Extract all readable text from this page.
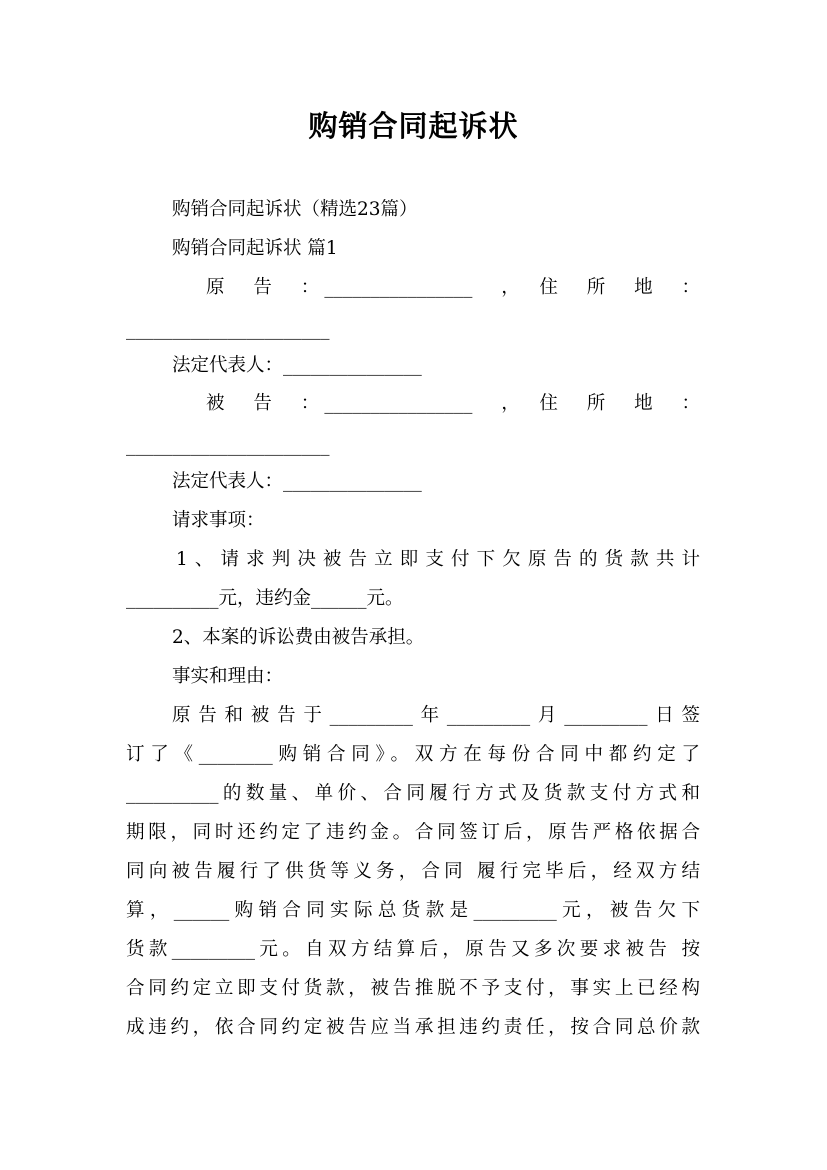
购销合同起诉状
购销合同起诉状（精选23篇）
购销合同起诉状 篇1
原　告　：________________　，　住　所　地　：
______________________
法定代表人：_______________
被　告　：________________　，　住　所　地　：
______________________
法定代表人：_______________
请求事项：
1、请求判决被告立即支付下欠原告的货款共计
__________元，违约金______元。
2、本案的诉讼费由被告承担。
事实和理由：
原告和被告于_________年_________月_________日签
订了《________购销合同》。双方在每份合同中都约定了
__________的数量、单价、合同履行方式及货款支付方式和
期限，同时还约定了违约金。合同签订后，原告严格依据合
同向被告履行了供货等义务，合同 履行完毕后，经双方结
算，______购销合同实际总货款是_________元，被告欠下
货款_________元。自双方结算后，原告又多次要求被告 按
合同约定立即支付货款，被告推脱不予支付，事实上已经构
成违约，依合同约定被告应当承担违约责任，按合同总价款
